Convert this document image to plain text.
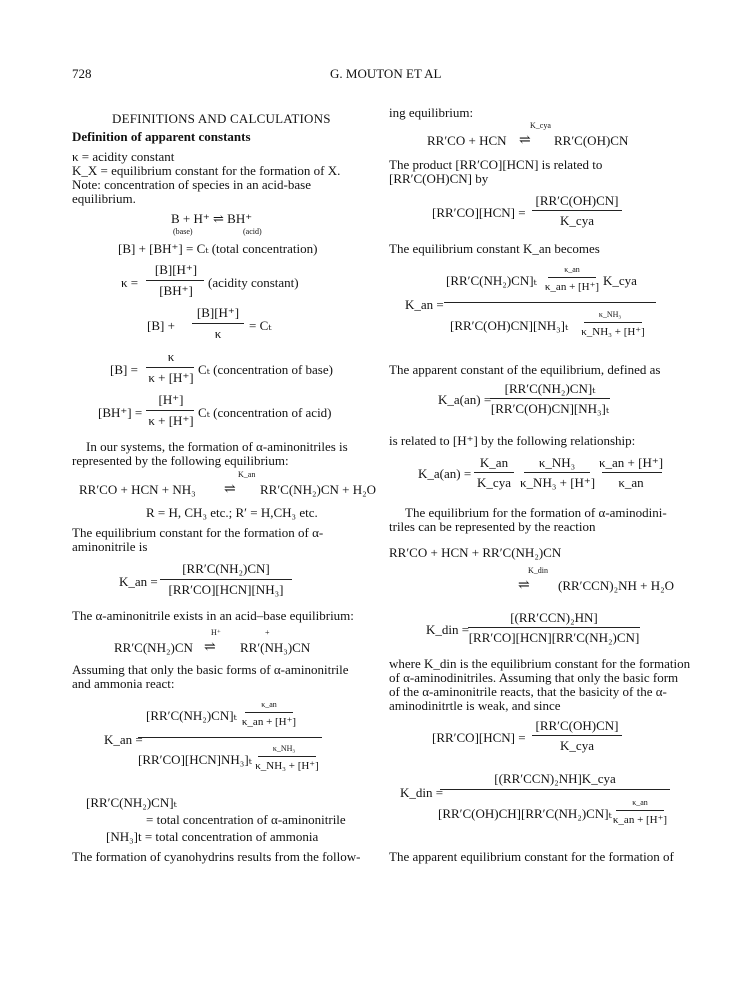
728	G. MOUTON ET AL
DEFINITIONS AND CALCULATIONS
Definition of apparent constants
κ = acidity constant
K_X = equilibrium constant for the formation of X.
Note: concentration of species in an acid-base
equilibrium.
B + H⁺ ⇌ BH⁺
(base)	(acid)
[B] + [BH⁺] = Cₜ (total concentration)
κ =
[B][H⁺]
[BH⁺]
(acidity constant)
[B] +
[B][H⁺]
κ
= Cₜ
[B] =
κ
κ + [H⁺]
Cₜ (concentration of base)
[BH⁺] =
[H⁺]
κ + [H⁺]
Cₜ (concentration of acid)
In our systems, the formation of α-aminonitriles is
represented by the following equilibrium:
RR′CO + HCN + NH₃
K_an
⇌ RR′C(NH₂)CN + H₂O
R = H, CH₃ etc.; R′ = H,CH₃ etc.
The equilibrium constant for the formation of α-
aminonitrile is
K_an =
[RR′C(NH₂)CN]
[RR′CO][HCN][NH₃]
The α-aminonitrile exists in an acid–base equilibrium:
RR′C(NH₂)CN
H⁺
⇌
+
RR′(NH₃)CN
Assuming that only the basic forms of α-aminonitrile
and ammonia react:
K_an =
[RR′C(NH₂)CN]ₜ
κ_an
κ_an + [H⁺]
[RR′CO][HCN]NH₃]ₜ
κ_NH₃
κ_NH₃ + [H⁺]
[RR′C(NH₂)CN]ₜ
= total concentration of α-aminonitrile
[NH₃]t = total concentration of ammonia
The formation of cyanohydrins results from the follow-
ing equilibrium:
RR′CO + HCN
K_cya
⇌ RR′C(OH)CN
The product [RR′CO][HCN] is related to
[RR′C(OH)CN] by
[RR′CO][HCN] =
[RR′C(OH)CN]
K_cya
The equilibrium constant K_an becomes
K_an =
[RR′C(NH₂)CN]ₜ
κ_an
κ_an + [H⁺] K_cya
[RR′C(OH)CN][NH₃]ₜ
κ_NH₃
κ_NH₃ + [H⁺]
The apparent constant of the equilibrium, defined as
K_a(an) =
[RR′C(NH₂)CN]ₜ
[RR′C(OH)CN][NH₃]ₜ
is related to [H⁺] by the following relationship:
K_a(an) =
K_an
K_cya
κ_NH₃
κ_NH₃ + [H⁺]
κ_an + [H⁺]
κ_an
The equilibrium for the formation of α-aminodini-
triles can be represented by the reaction
RR′CO + HCN + RR′C(NH₂)CN
K_din
⇌ (RR′CCN)₂NH + H₂O
K_din =
[(RR′CCN)₂HN]
[RR′CO][HCN][RR′C(NH₂)CN]
where K_din is the equilibrium constant for the formation
of α-aminodinitriles. Assuming that only the basic form
of the α-aminonitrile reacts, that the basicity of the α-
aminodinitrtle is weak, and since
[RR′CO][HCN] =
[RR′C(OH)CN]
K_cya
K_din =
[(RR′CCN)₂NH]K_cya
[RR′C(OH)CH][RR′C(NH₂)CN]ₜ
κ_an
κ_an + [H⁺]
The apparent equilibrium constant for the formation of
